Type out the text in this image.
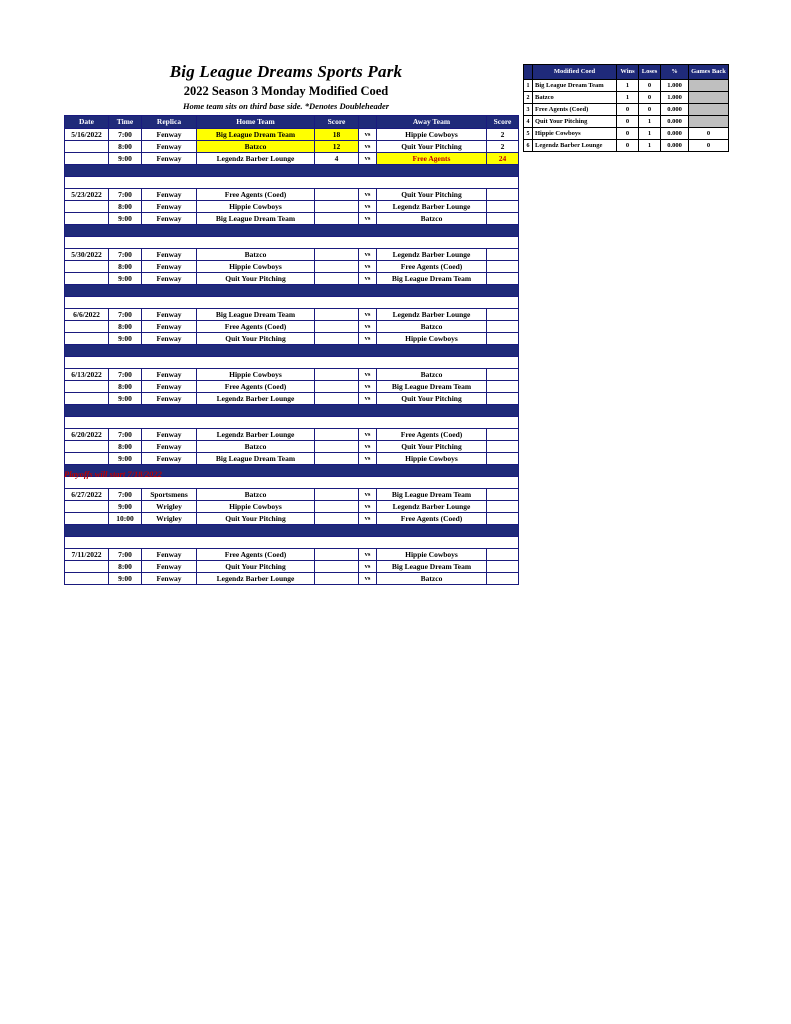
Big League Dreams Sports Park
2022 Season 3 Monday Modified Coed
Home team sits on third base side. *Denotes Doubleheader
Date	Time	Replica	Home Team	Score		Away Team	Score
5/16/2022	7:00	Fenway	Big League Dream Team	18	vs	Hippie Cowboys	2
	8:00	Fenway	Batzco	12	vs	Quit Your Pitching	2
	9:00	Fenway	Legendz Barber Lounge	4	vs	Free Agents	24

5/23/2022	7:00	Fenway	Free Agents (Coed)		vs	Quit Your Pitching	
	8:00	Fenway	Hippie Cowboys		vs	Legendz Barber Lounge	
	9:00	Fenway	Big League Dream Team		vs	Batzco	

5/30/2022	7:00	Fenway	Batzco		vs	Legendz Barber Lounge	
	8:00	Fenway	Hippie Cowboys		vs	Free Agents (Coed)	
	9:00	Fenway	Quit Your Pitching		vs	Big League Dream Team	

6/6/2022	7:00	Fenway	Big League Dream Team		vs	Legendz Barber Lounge	
	8:00	Fenway	Free Agents (Coed)		vs	Batzco	
	9:00	Fenway	Quit Your Pitching		vs	Hippie Cowboys	

6/13/2022	7:00	Fenway	Hippie Cowboys		vs	Batzco	
	8:00	Fenway	Free Agents (Coed)		vs	Big League Dream Team	
	9:00	Fenway	Legendz Barber Lounge		vs	Quit Your Pitching	

6/20/2022	7:00	Fenway	Legendz Barber Lounge		vs	Free Agents (Coed)	
	8:00	Fenway	Batzco		vs	Quit Your Pitching	
	9:00	Fenway	Big League Dream Team		vs	Hippie Cowboys	

6/27/2022	7:00	Sportsmens	Batzco		vs	Big League Dream Team	
	9:00	Wrigley	Hippie Cowboys		vs	Legendz Barber Lounge	
	10:00	Wrigley	Quit Your Pitching		vs	Free Agents (Coed)	

7/11/2022	7:00	Fenway	Free Agents (Coed)		vs	Hippie Cowboys	
	8:00	Fenway	Quit Your Pitching		vs	Big League Dream Team	
	9:00	Fenway	Legendz Barber Lounge		vs	Batzco	
Playoffs will start 7/18/2022
	Modified Coed	Wins	Loses	%	Games Back
1	Big League Dream Team	1	0	1.000	
2	Batzco	1	0	1.000	
3	Free Agents (Coed)	0	0	0.000	
4	Quit Your Pitching	0	1	0.000	
5	Hippie Cowboys	0	1	0.000	0
6	Legendz Barber Lounge	0	1	0.000	0
